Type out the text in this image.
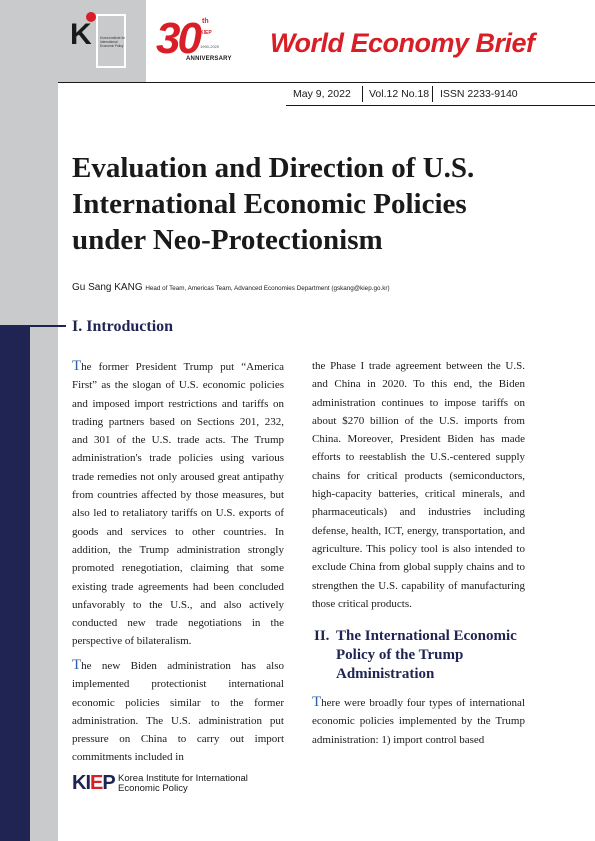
K	Korea Institute for International Economic Policy 30 th
KIEP
1990-2020
ANNIVERSARY
World Economy Brief
May 9, 2022 Vol.12 No.18 ISSN 2233-9140
Evaluation and Direction of U.S. International Economic Policies under Neo-Protectionism
Gu Sang KANG Head of Team, Americas Team, Advanced Economies Department (gskang@kiep.go.kr)
I. Introduction

The former President Trump put “America First” as the slogan of U.S. economic policies and imposed import restrictions and tariffs on trading partners based on Sections 201, 232, and 301 of the U.S. trade acts. The Trump administration's trade policies using various trade remedies not only aroused great antipathy from countries affected by those measures, but also led to retaliatory tariffs on U.S. exports of goods and services to other countries. In addition, the Trump administration strongly promoted renegotiation, claiming that some existing trade agreements had been concluded unfavorably to the U.S., and also actively conducted new trade negotiations in the perspective of bilateralism.

The new Biden administration has also implemented protectionist international economic policies similar to the former administration. The U.S. administration put pressure on China to carry out import commitments included in

the Phase I trade agreement between the U.S. and China in 2020. To this end, the Biden administration continues to impose tariffs on about $270 billion of the U.S. imports from China. Moreover, President Biden has made efforts to reestablish the U.S.-centered supply chains for critical products (semiconductors, high-capacity batteries, critical minerals, and pharmaceuticals) and industries including defense, health, ICT, energy, transportation, and agriculture. This policy tool is also intended to exclude China from global supply chains and to strengthen the U.S. capability of manufacturing those critical products.

II. The International Economic Policy of the Trump Administration

There were broadly four types of international economic policies implemented by the Trump administration: 1) import control based

KIEP Korea Institute for International Economic Policy
